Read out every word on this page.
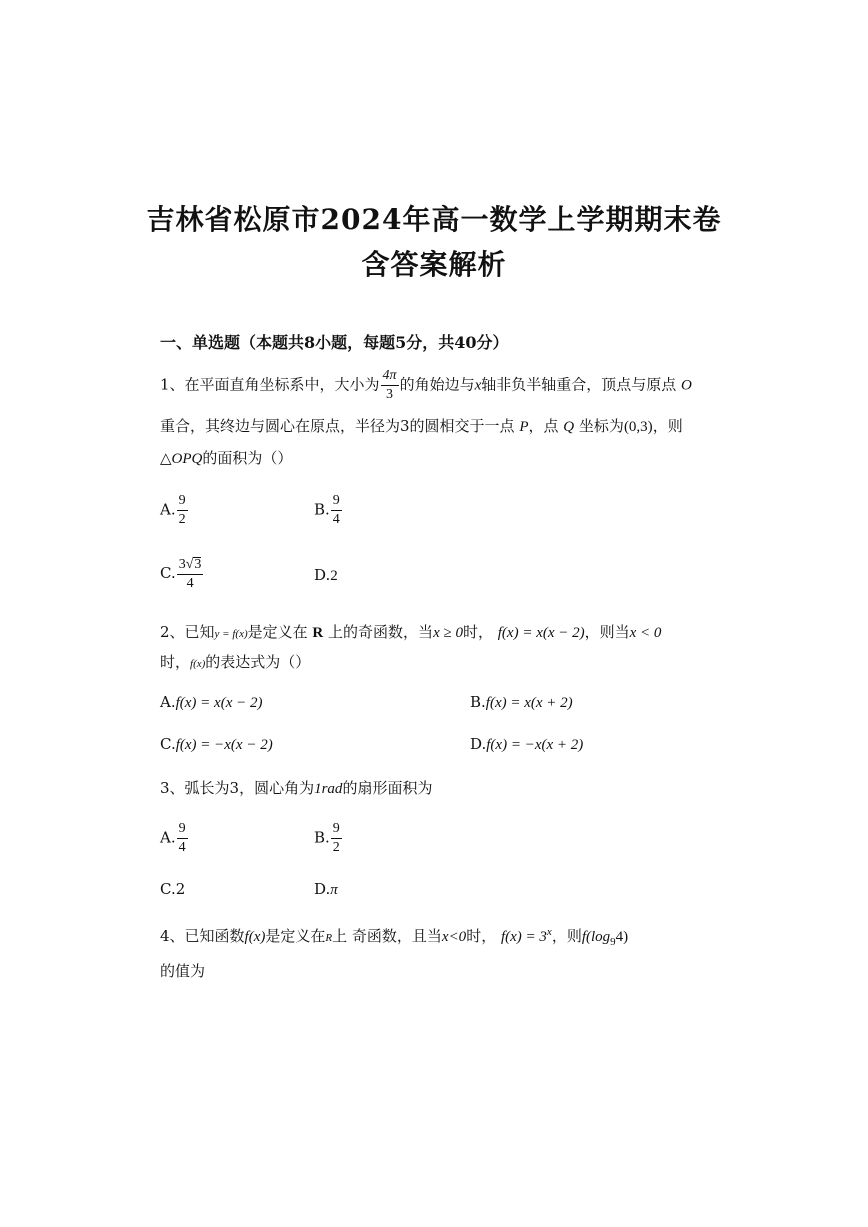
吉林省松原市2024年高一数学上学期期末卷
含答案解析
一、单选题（本题共8小题，每题5分，共40分）
1、在平面直角坐标系中，大小为 $\frac{4\pi}{3}$ 的角始边与x轴非负半轴重合，顶点与原点 O
重合，其终边与圆心在原点，半径为3的圆相交于一点 P，点 Q 坐标为(0,3)，则
△OPQ的面积为（）
A. $\frac{9}{2}$	B. $\frac{9}{4}$
C. $\frac{3√3}{4}$	D.2
2、已知y = f(x)是定义在 R 上的奇函数，当x ≥ 0时， f(x) = x(x − 2)，则当x < 0
时，f(x)的表达式为（）
A.f(x) = x(x − 2)	B.f(x) = x(x + 2)
C.f(x) = −x(x − 2)	D.f(x) = −x(x + 2)
3、弧长为3，圆心角为1rad的扇形面积为
A. $\frac{9}{4}$	B. $\frac{9}{2}$
C.2	D.π
4、已知函数f(x)是定义在R上 奇函数，且当x<0时， $f(x) = 3^x$，则$f(\log_94)$
的值为
